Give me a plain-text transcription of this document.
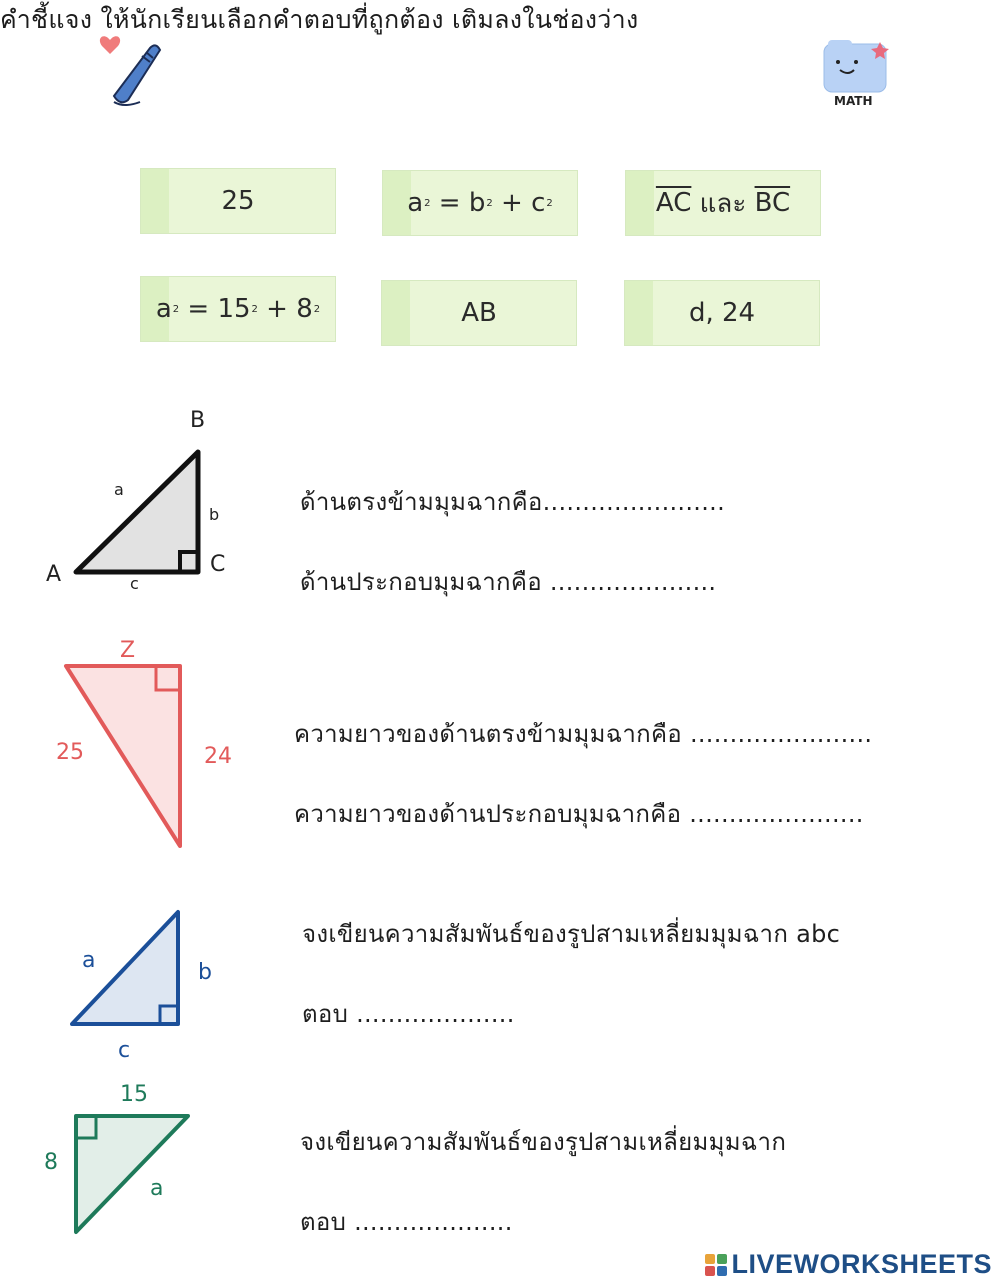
คำชี้แจง ให้นักเรียนเลือกคำตอบที่ถูกต้อง เติมลงในช่องว่าง
MATH
25	a 2 = b 2 + c 2	$\overline{AC}$ และ $\overline{BC}$
a 2 = 15 2 + 8 2	AB	d, 24
B
A	C
a
b
c
ด้านตรงข้ามมุมฉากคือ.......................
ด้านประกอบมุมฉากคือ .....................
Z
25	24
ความยาวของด้านตรงข้ามมุมฉากคือ .......................
ความยาวของด้านประกอบมุมฉากคือ ......................
a	b
c
จงเขียนความสัมพันธ์ของรูปสามเหลี่ยมมุมฉาก abc
ตอบ ....................
15
8
a
จงเขียนความสัมพันธ์ของรูปสามเหลี่ยมมุมฉาก
ตอบ ....................
LIVEWORKSHEETS
